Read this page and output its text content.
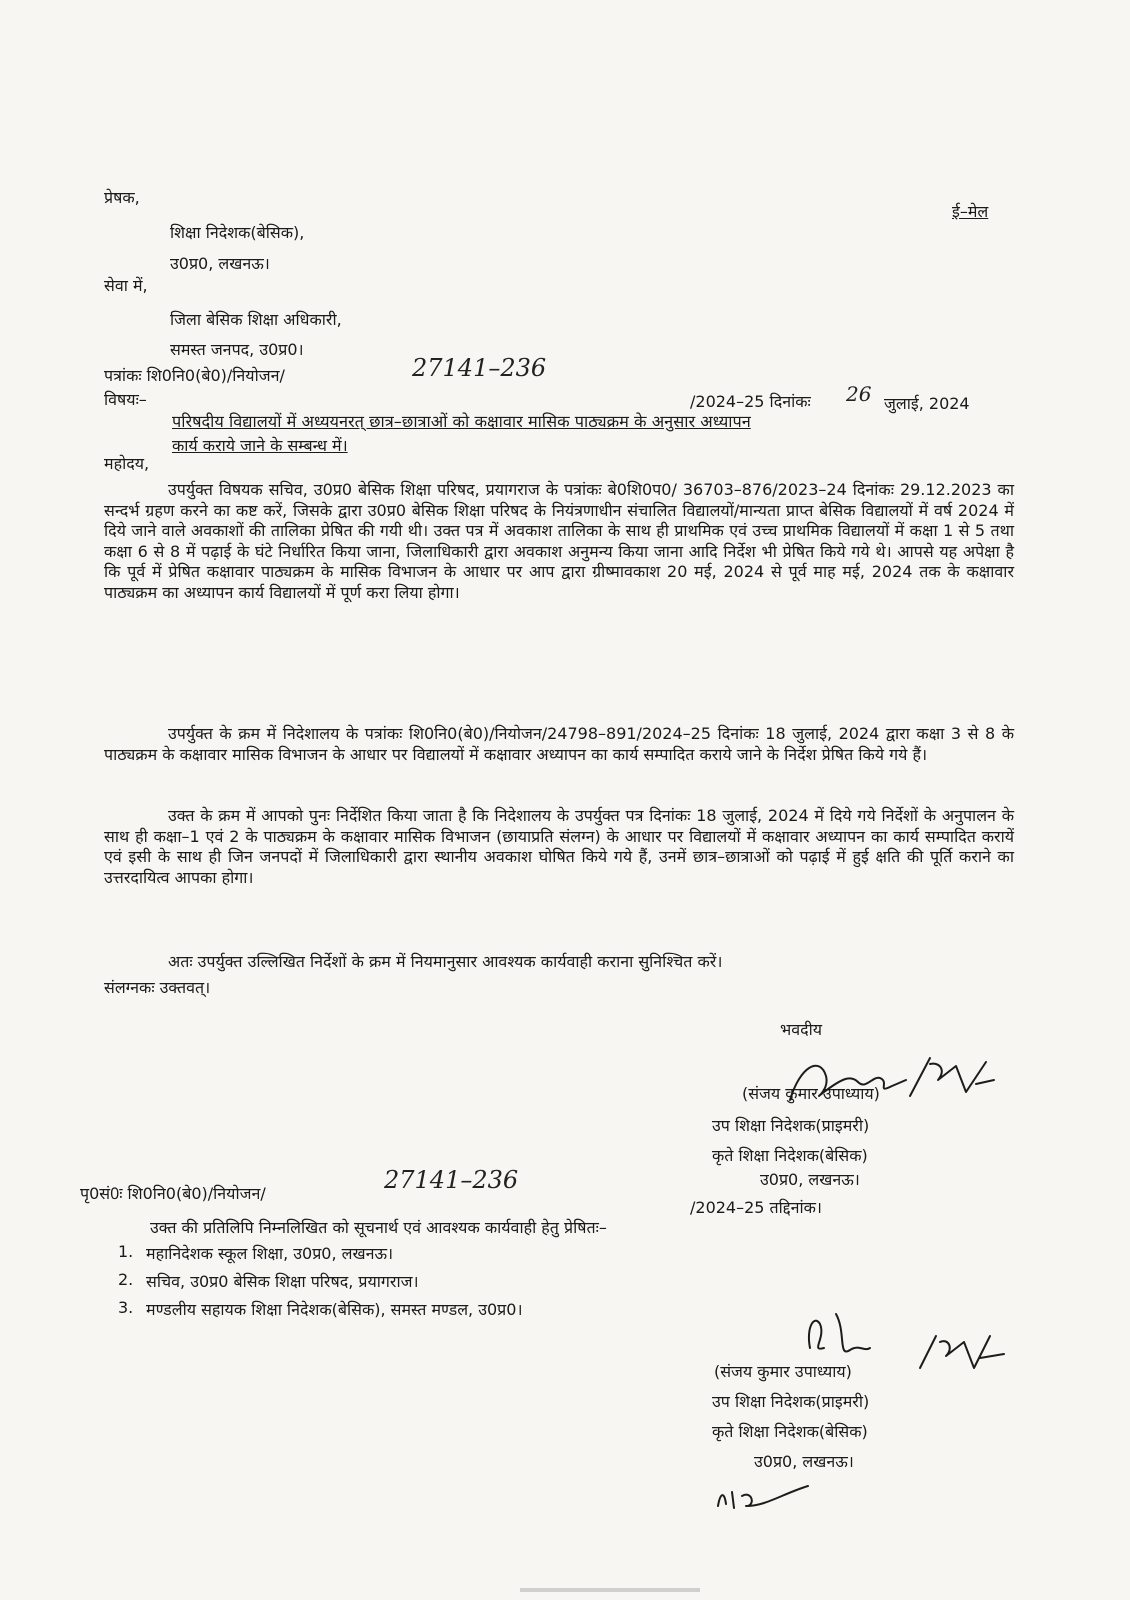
प्रेषक,
ई–मेल
शिक्षा निदेशक(बेसिक),
उ0प्र0, लखनऊ।
सेवा में,
जिला बेसिक शिक्षा अधिकारी,
समस्त जनपद, उ0प्र0।
पत्रांकः शि0नि0(बे0)/नियोजन/	27141–236
/2024–25 दिनांकः 26 जुलाई, 2024
विषयः–
परिषदीय विद्यालयों में अध्ययनरत् छात्र–छात्राओं को कक्षावार मासिक पाठ्यक्रम के अनुसार अध्यापन
कार्य कराये जाने के सम्बन्ध में।
महोदय,
उपर्युक्त विषयक सचिव, उ0प्र0 बेसिक शिक्षा परिषद, प्रयागराज के पत्रांकः बे0शि0प0/ 36703–876/2023–24 दिनांकः 29.12.2023 का सन्दर्भ ग्रहण करने का कष्ट करें, जिसके द्वारा उ0प्र0 बेसिक शिक्षा परिषद के नियंत्रणाधीन संचालित विद्यालयों/मान्यता प्राप्त बेसिक विद्यालयों में वर्ष 2024 में दिये जाने वाले अवकाशों की तालिका प्रेषित की गयी थी। उक्त पत्र में अवकाश तालिका के साथ ही प्राथमिक एवं उच्च प्राथमिक विद्यालयों में कक्षा 1 से 5 तथा कक्षा 6 से 8 में पढ़ाई के घंटे निर्धारित किया जाना, जिलाधिकारी द्वारा अवकाश अनुमन्य किया जाना आदि निर्देश भी प्रेषित किये गये थे। आपसे यह अपेक्षा है कि पूर्व में प्रेषित कक्षावार पाठ्यक्रम के मासिक विभाजन के आधार पर आप द्वारा ग्रीष्मावकाश 20 मई, 2024 से पूर्व माह मई, 2024 तक के कक्षावार पाठ्यक्रम का अध्यापन कार्य विद्यालयों में पूर्ण करा लिया होगा।
उपर्युक्त के क्रम में निदेशालय के पत्रांकः शि0नि0(बे0)/नियोजन/24798–891/2024–25 दिनांकः 18 जुलाई, 2024 द्वारा कक्षा 3 से 8 के पाठ्यक्रम के कक्षावार मासिक विभाजन के आधार पर विद्यालयों में कक्षावार अध्यापन का कार्य सम्पादित कराये जाने के निर्देश प्रेषित किये गये हैं।
उक्त के क्रम में आपको पुनः निर्देशित किया जाता है कि निदेशालय के उपर्युक्त पत्र दिनांकः 18 जुलाई, 2024 में दिये गये निर्देशों के अनुपालन के साथ ही कक्षा–1 एवं 2 के पाठ्यक्रम के कक्षावार मासिक विभाजन (छायाप्रति संलग्न) के आधार पर विद्यालयों में कक्षावार अध्यापन का कार्य सम्पादित करायें एवं इसी के साथ ही जिन जनपदों में जिलाधिकारी द्वारा स्थानीय अवकाश घोषित किये गये हैं, उनमें छात्र–छात्राओं को पढ़ाई में हुई क्षति की पूर्ति कराने का उत्तरदायित्व आपका होगा।
अतः उपर्युक्त उल्लिखित निर्देशों के क्रम में नियमानुसार आवश्यक कार्यवाही कराना सुनिश्चित करें।
संलग्नकः उक्तवत्।
भवदीय
(संजय कुमार उपाध्याय)
उप शिक्षा निदेशक(प्राइमरी)
कृते शिक्षा निदेशक(बेसिक)
उ0प्र0, लखनऊ।
पृ0सं0ः शि0नि0(बे0)/नियोजन/	27141–236
/2024–25 तद्दिनांक।
उक्त की प्रतिलिपि निम्नलिखित को सूचनार्थ एवं आवश्यक कार्यवाही हेतु प्रेषितः–
1. महानिदेशक स्कूल शिक्षा, उ0प्र0, लखनऊ।
2. सचिव, उ0प्र0 बेसिक शिक्षा परिषद, प्रयागराज।
3. मण्डलीय सहायक शिक्षा निदेशक(बेसिक), समस्त मण्डल, उ0प्र0।
(संजय कुमार उपाध्याय)
उप शिक्षा निदेशक(प्राइमरी)
कृते शिक्षा निदेशक(बेसिक)
उ0प्र0, लखनऊ।
